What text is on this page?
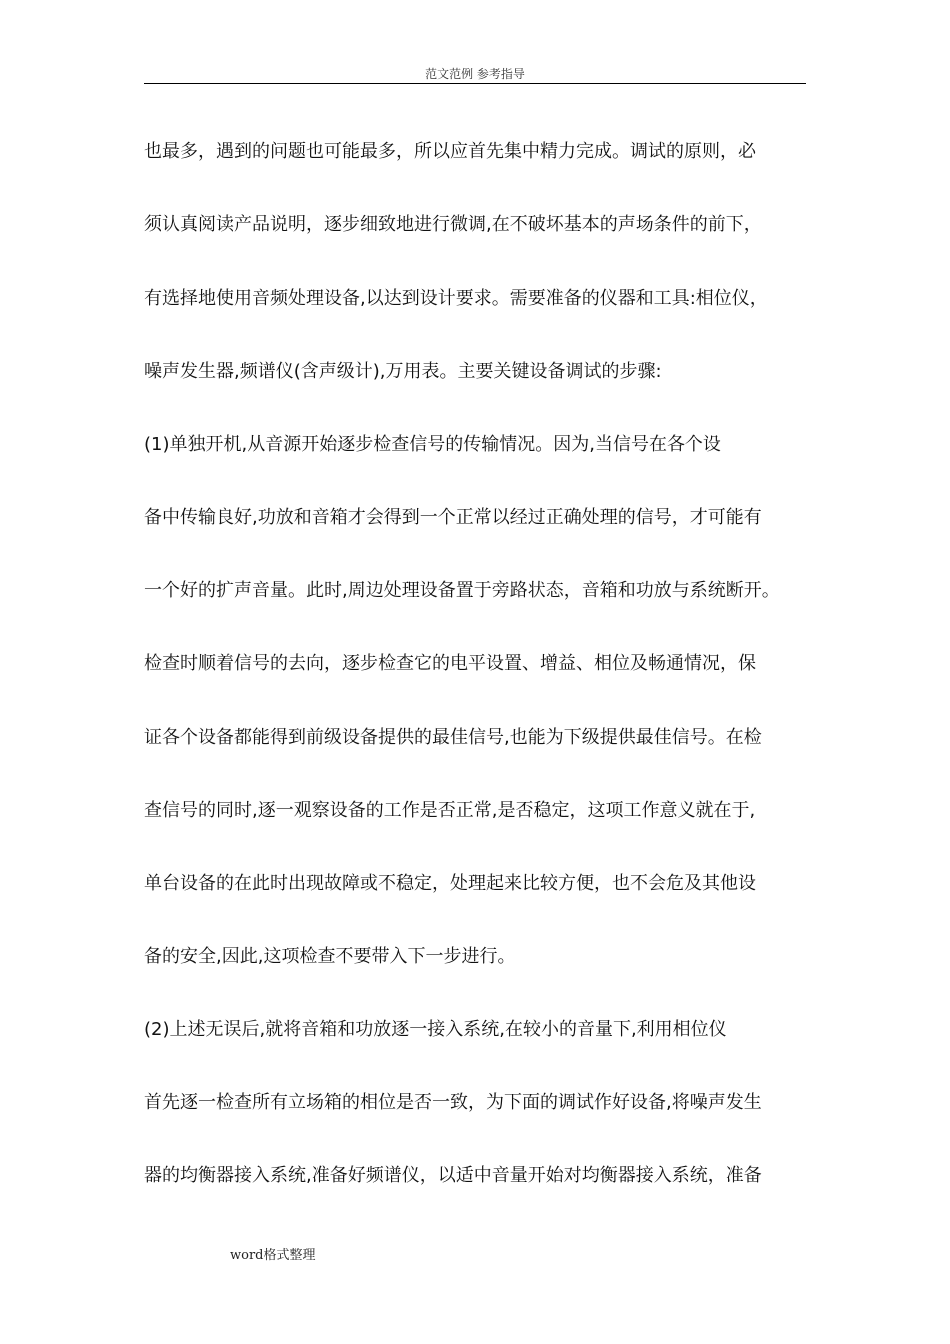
范文范例 参考指导
也最多，遇到的问题也可能最多，所以应首先集中精力完成。调试的原则，必
须认真阅读产品说明，逐步细致地进行微调,在不破坏基本的声场条件的前下，
有选择地使用音频处理设备,以达到设计要求。需要准备的仪器和工具:相位仪，
噪声发生器,频谱仪(含声级计),万用表。主要关键设备调试的步骤:
(1)单独开机,从音源开始逐步检查信号的传输情况。因为,当信号在各个设
备中传输良好,功放和音箱才会得到一个正常以经过正确处理的信号，才可能有
一个好的扩声音量。此时,周边处理设备置于旁路状态，音箱和功放与系统断开。
检查时顺着信号的去向，逐步检查它的电平设置、增益、相位及畅通情况，保
证各个设备都能得到前级设备提供的最佳信号,也能为下级提供最佳信号。在检
查信号的同时,逐一观察设备的工作是否正常,是否稳定，这项工作意义就在于,
单台设备的在此时出现故障或不稳定，处理起来比较方便，也不会危及其他设
备的安全,因此,这项检查不要带入下一步进行。
(2)上述无误后,就将音箱和功放逐一接入系统,在较小的音量下,利用相位仪
首先逐一检查所有立场箱的相位是否一致，为下面的调试作好设备,将噪声发生
器的均衡器接入系统,准备好频谱仪，以适中音量开始对均衡器接入系统，准备
word格式整理
